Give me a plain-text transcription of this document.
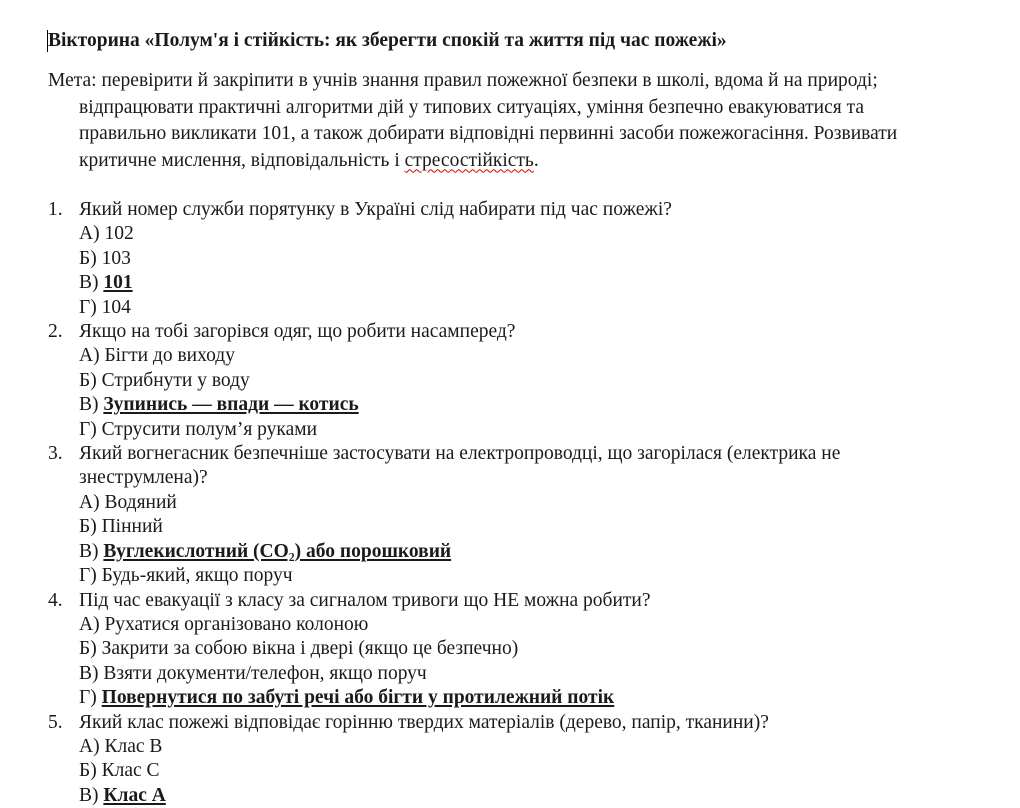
Вікторина «Полум'я і стійкість: як зберегти спокій та життя під час пожежі»
Мета: перевірити й закріпити в учнів знання правил пожежної безпеки в школі, вдома й на природі;
відпрацювати практичні алгоритми дій у типових ситуаціях, уміння безпечно евакуюватися та
правильно викликати 101, а також добирати відповідні первинні засоби пожежогасіння. Розвивати
критичне мислення, відповідальність і стресостійкість.
1. Який номер служби порятунку в Україні слід набирати під час пожежі?
А) 102
Б) 103
В) 101
Г) 104
2. Якщо на тобі загорівся одяг, що робити насамперед?
А) Бігти до виходу
Б) Стрибнути у воду
В) Зупинись — впади — котись
Г) Струсити полум’я руками
3. Який вогнегасник безпечніше застосувати на електропроводці, що загорілася (електрика не
знеструмлена)?
А) Водяний
Б) Пінний
В) Вуглекислотний (CO₂) або порошковий
Г) Будь-який, якщо поруч
4. Під час евакуації з класу за сигналом тривоги що НЕ можна робити?
А) Рухатися організовано колоною
Б) Закрити за собою вікна і двері (якщо це безпечно)
В) Взяти документи/телефон, якщо поруч
Г) Повернутися по забуті речі або бігти у протилежний потік
5. Який клас пожежі відповідає горінню твердих матеріалів (дерево, папір, тканини)?
А) Клас B
Б) Клас C
В) Клас A
